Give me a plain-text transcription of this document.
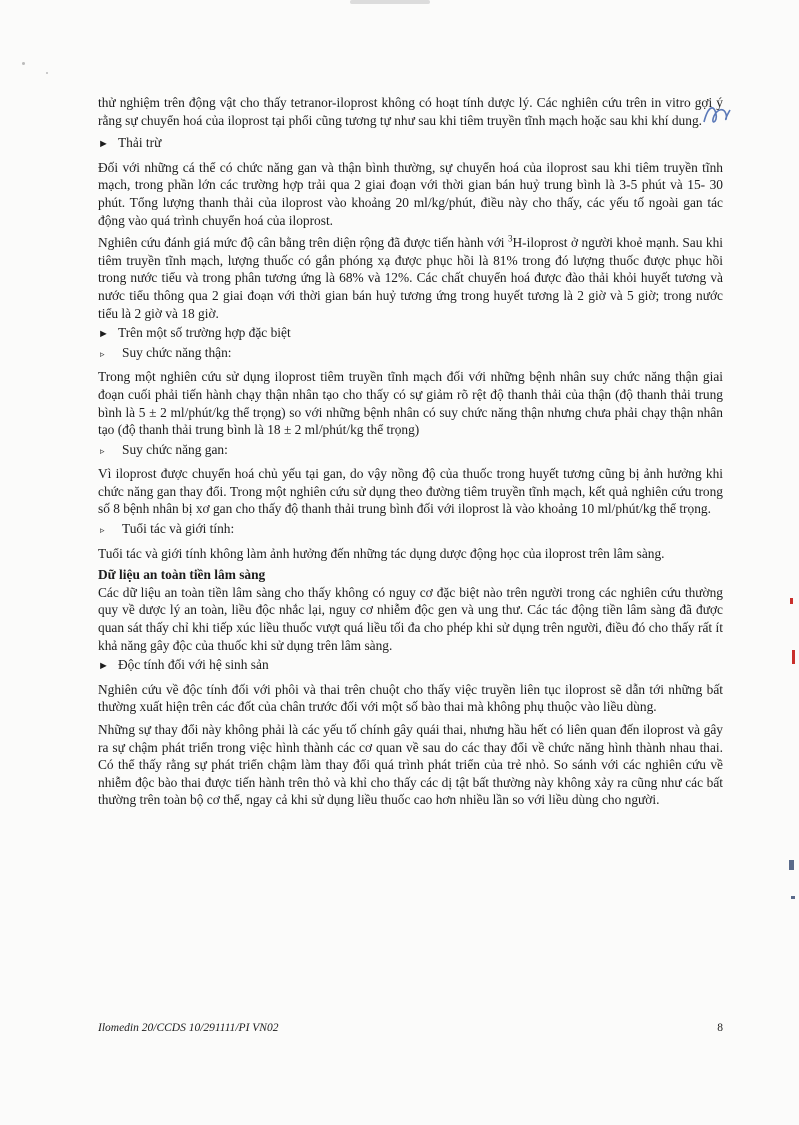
thử nghiệm trên động vật cho thấy tetranor-iloprost không có hoạt tính dược lý. Các nghiên cứu trên in vitro gợi ý rằng sự chuyển hoá của iloprost tại phổi cũng tương tự như sau khi tiêm truyền tĩnh mạch hoặc sau khi khí dung.

► Thải trừ

Đối với những cá thể có chức năng gan và thận bình thường, sự chuyển hoá của iloprost sau khi tiêm truyền tĩnh mạch, trong phần lớn các trường hợp trải qua 2 giai đoạn với thời gian bán huỷ trung bình là 3-5 phút và 15- 30 phút. Tổng lượng thanh thải của iloprost vào khoảng 20 ml/kg/phút, điều này cho thấy, các yếu tố ngoài gan tác động vào quá trình chuyển hoá của iloprost.

Nghiên cứu đánh giá mức độ cân bằng trên diện rộng đã được tiến hành với $^3$H-iloprost ở người khoẻ mạnh. Sau khi tiêm truyền tĩnh mạch, lượng thuốc có gắn phóng xạ được phục hồi là 81% trong đó lượng thuốc được phục hồi trong nước tiểu và trong phân tương ứng là 68% và 12%. Các chất chuyển hoá được đào thải khỏi huyết tương và nước tiểu thông qua 2 giai đoạn với thời gian bán huỷ tương ứng trong huyết tương là 2 giờ và 5 giờ; trong nước tiểu là 2 giờ và 18 giờ.

► Trên một số trường hợp đặc biệt
▹	Suy chức năng thận:

Trong một nghiên cứu sử dụng iloprost tiêm truyền tĩnh mạch đối với những bệnh nhân suy chức năng thận giai đoạn cuối phải tiến hành chạy thận nhân tạo cho thấy có sự giảm rõ rệt độ thanh thải của thận (độ thanh thải trung bình là 5 ± 2 ml/phút/kg thể trọng) so với những bệnh nhân có suy chức năng thận nhưng chưa phải chạy thận nhân tạo (độ thanh thải trung bình là 18 ± 2 ml/phút/kg thể trọng)

▹	Suy chức năng gan:

Vì iloprost được chuyển hoá chủ yếu tại gan, do vậy nồng độ của thuốc trong huyết tương cũng bị ảnh hưởng khi chức năng gan thay đổi. Trong một nghiên cứu sử dụng theo đường tiêm truyền tĩnh mạch, kết quả nghiên cứu trong số 8 bệnh nhân bị xơ gan cho thấy độ thanh thải trung bình đối với iloprost là vào khoảng 10 ml/phút/kg thể trọng.

▹	Tuổi tác và giới tính:

Tuổi tác và giới tính không làm ảnh hưởng đến những tác dụng dược động học của iloprost trên lâm sàng.

Dữ liệu an toàn tiền lâm sàng

Các dữ liệu an toàn tiền lâm sàng cho thấy không có nguy cơ đặc biệt nào trên người trong các nghiên cứu thường quy về dược lý an toàn, liều độc nhắc lại, nguy cơ nhiễm độc gen và ung thư. Các tác động tiền lâm sàng đã được quan sát thấy chỉ khi tiếp xúc liều thuốc vượt quá liều tối đa cho phép khi sử dụng trên người, điều đó cho thấy rất ít khả năng gây độc của thuốc khi sử dụng trên lâm sàng.

► Độc tính đối với hệ sinh sản

Nghiên cứu về độc tính đối với phôi và thai trên chuột cho thấy việc truyền liên tục iloprost sẽ dẫn tới những bất thường xuất hiện trên các đốt của chân trước đối với một số bào thai mà không phụ thuộc vào liều dùng.

Những sự thay đổi này không phải là các yếu tố chính gây quái thai, nhưng hầu hết có liên quan đến iloprost và gây ra sự chậm phát triển trong việc hình thành các cơ quan về sau do các thay đổi về chức năng hình thành nhau thai. Có thể thấy rằng sự phát triển chậm làm thay đổi quá trình phát triển của trẻ nhỏ. So sánh với các nghiên cứu về nhiễm độc bào thai được tiến hành trên thỏ và khỉ cho thấy các dị tật bất thường này không xảy ra cũng như các bất thường trên toàn bộ cơ thể, ngay cả khi sử dụng liều thuốc cao hơn nhiều lần so với liều dùng cho người.

Ilomedin 20/CCDS 10/291111/PI VN02	8
